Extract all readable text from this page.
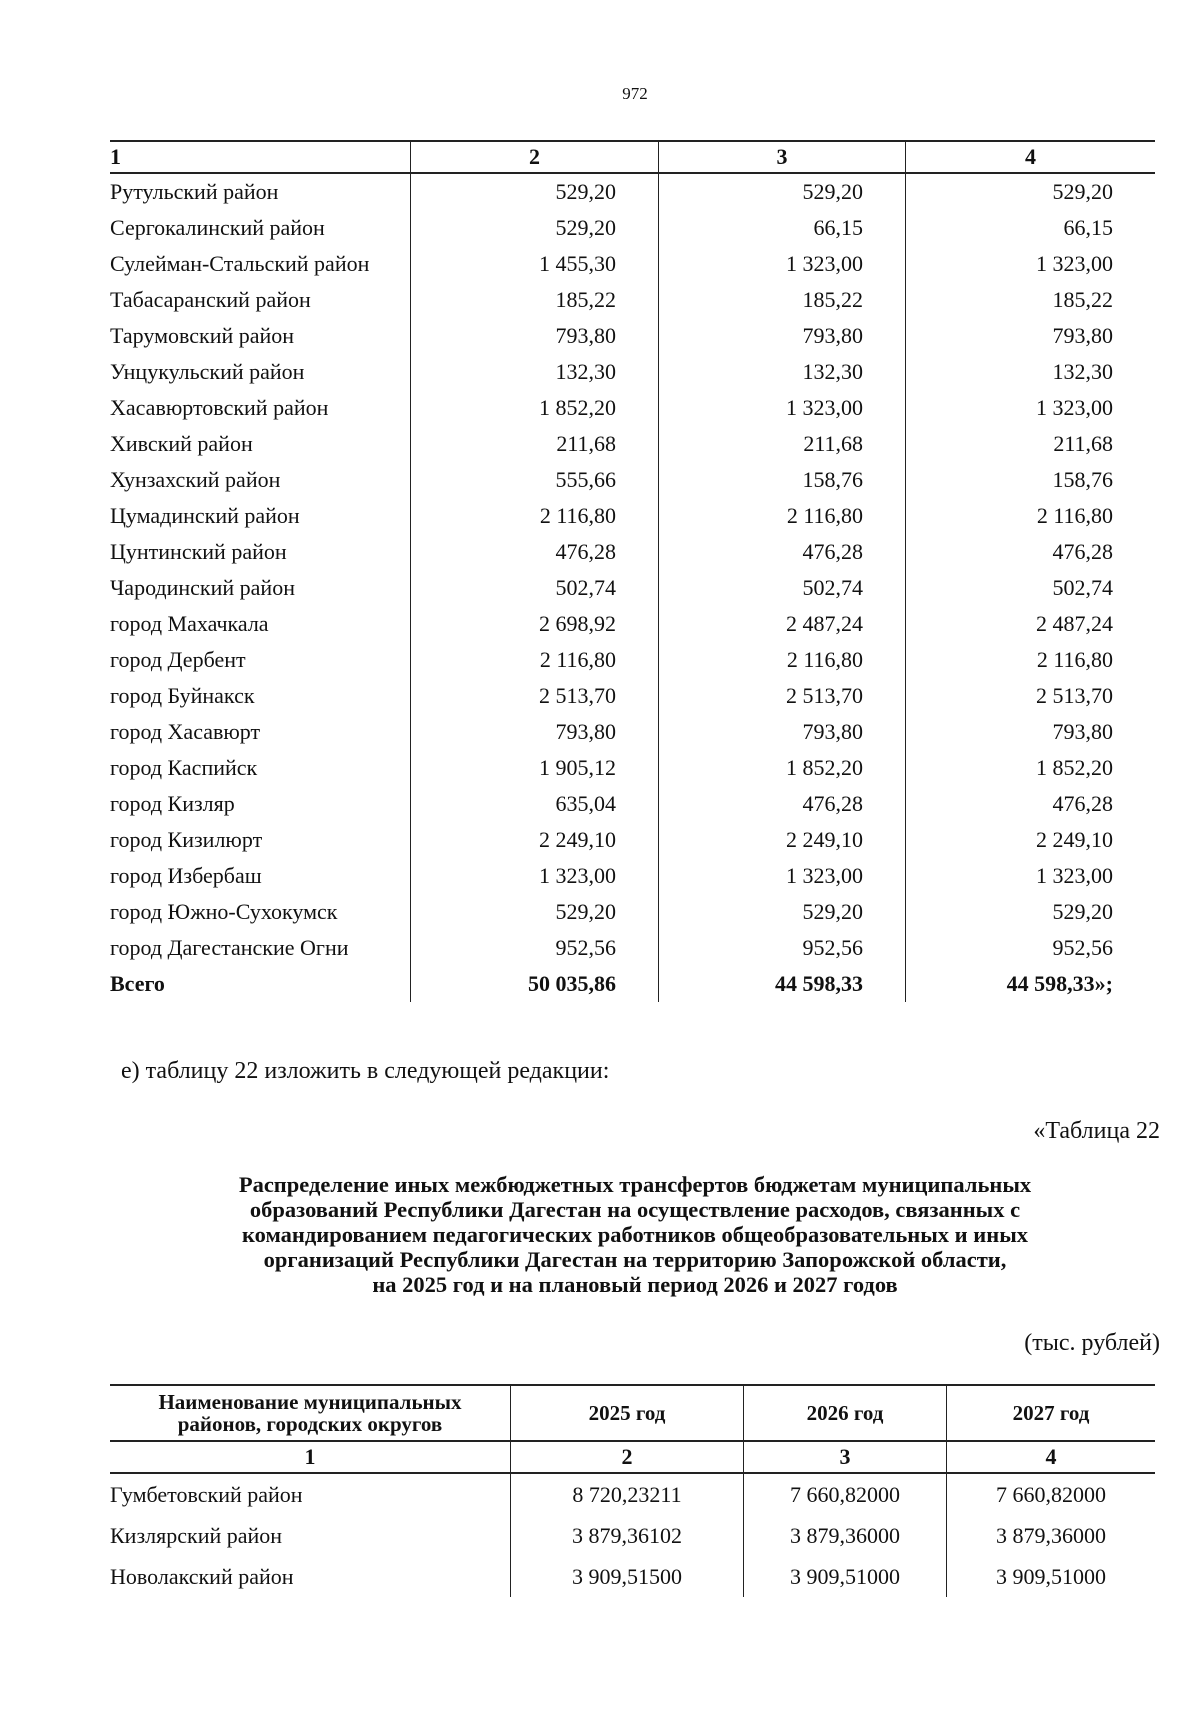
972
1	2	3	4
Рутульский район	529,20	529,20	529,20
Сергокалинский район	529,20	66,15	66,15
Сулейман-Стальский район	1 455,30	1 323,00	1 323,00
Табасаранский район	185,22	185,22	185,22
Тарумовский район	793,80	793,80	793,80
Унцукульский район	132,30	132,30	132,30
Хасавюртовский район	1 852,20	1 323,00	1 323,00
Хивский район	211,68	211,68	211,68
Хунзахский район	555,66	158,76	158,76
Цумадинский район	2 116,80	2 116,80	2 116,80
Цунтинский район	476,28	476,28	476,28
Чародинский район	502,74	502,74	502,74
город Махачкала	2 698,92	2 487,24	2 487,24
город Дербент	2 116,80	2 116,80	2 116,80
город Буйнакск	2 513,70	2 513,70	2 513,70
город Хасавюрт	793,80	793,80	793,80
город Каспийск	1 905,12	1 852,20	1 852,20
город Кизляр	635,04	476,28	476,28
город Кизилюрт	2 249,10	2 249,10	2 249,10
город Избербаш	1 323,00	1 323,00	1 323,00
город Южно-Сухокумск	529,20	529,20	529,20
город Дагестанские Огни	952,56	952,56	952,56
Всего	50 035,86	44 598,33	44 598,33»;
е) таблицу 22 изложить в следующей редакции:
«Таблица 22
Распределение иных межбюджетных трансфертов бюджетам муниципальных
образований Республики Дагестан на осуществление расходов, связанных с
командированием педагогических работников общеобразовательных и иных
организаций Республики Дагестан на территорию Запорожской области,
на 2025 год и на плановый период 2026 и 2027 годов
(тыс. рублей)
Наименование муниципальных
районов, городских округов	2025 год	2026 год	2027 год
1	2	3	4
Гумбетовский район	8 720,23211	7 660,82000	7 660,82000
Кизлярский район	3 879,36102	3 879,36000	3 879,36000
Новолакский район	3 909,51500	3 909,51000	3 909,51000
